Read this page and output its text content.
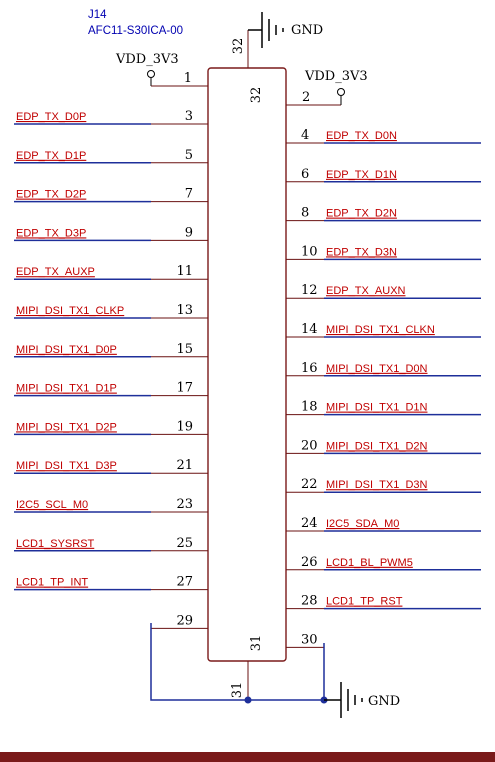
J14
AFC11-S30ICA-00
32
31
32
GND
VDD_3V3
1	VDD_3V3
2
3
EDP_TX_D0P
5
EDP_TX_D1P
7
EDP_TX_D2P
9
EDP_TX_D3P
11
EDP_TX_AUXP
13
MIPI_DSI_TX1_CLKP
15
MIPI_DSI_TX1_D0P
17
MIPI_DSI_TX1_D1P
19
MIPI_DSI_TX1_D2P
21
MIPI_DSI_TX1_D3P
23
I2C5_SCL_M0
25
LCD1_SYSRST
27
LCD1_TP_INT
29
4 EDP_TX_D0N
6 EDP_TX_D1N
8 EDP_TX_D2N
10 EDP_TX_D3N
12 EDP_TX_AUXN
14 MIPI_DSI_TX1_CLKN
16 MIPI_DSI_TX1_D0N
18 MIPI_DSI_TX1_D1N
20 MIPI_DSI_TX1_D2N
22 MIPI_DSI_TX1_D3N
24 I2C5_SDA_M0
26 LCD1_BL_PWM5
28 LCD1_TP_RST
30
31
GND
